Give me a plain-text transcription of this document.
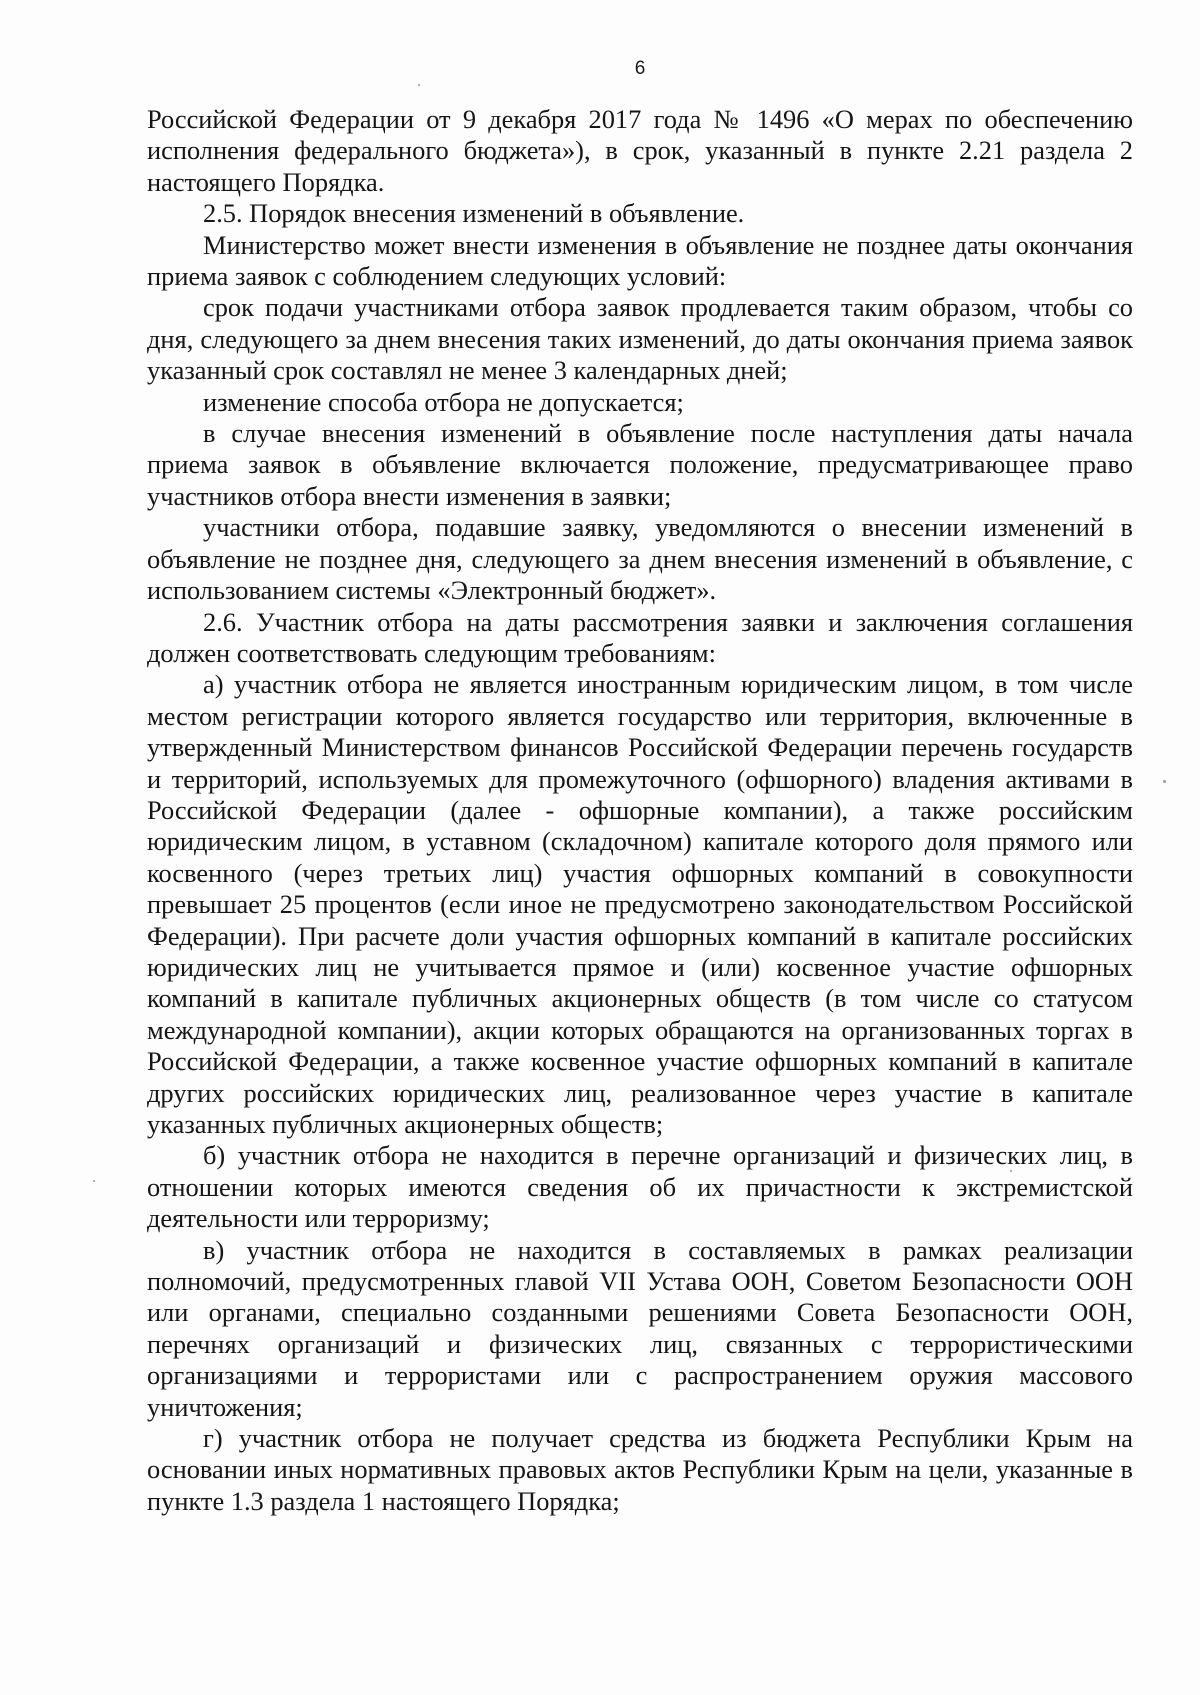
6

Российской Федерации от 9 декабря 2017 года № 1496 «О мерах по обеспечению исполнения федерального бюджета»), в срок, указанный в пункте 2.21 раздела 2 настоящего Порядка.

2.5. Порядок внесения изменений в объявление.

Министерство может внести изменения в объявление не позднее даты окончания приема заявок с соблюдением следующих условий:

срок подачи участниками отбора заявок продлевается таким образом, чтобы со дня, следующего за днем внесения таких изменений, до даты окончания приема заявок указанный срок составлял не менее 3 календарных дней;

изменение способа отбора не допускается;

в случае внесения изменений в объявление после наступления даты начала приема заявок в объявление включается положение, предусматривающее право участников отбора внести изменения в заявки;

участники отбора, подавшие заявку, уведомляются о внесении изменений в объявление не позднее дня, следующего за днем внесения изменений в объявление, с использованием системы «Электронный бюджет».

2.6. Участник отбора на даты рассмотрения заявки и заключения соглашения должен соответствовать следующим требованиям:

а) участник отбора не является иностранным юридическим лицом, в том числе местом регистрации которого является государство или территория, включенные в утвержденный Министерством финансов Российской Федерации перечень государств и территорий, используемых для промежуточного (офшорного) владения активами в Российской Федерации (далее - офшорные компании), а также российским юридическим лицом, в уставном (складочном) капитале которого доля прямого или косвенного (через третьих лиц) участия офшорных компаний в совокупности превышает 25 процентов (если иное не предусмотрено законодательством Российской Федерации). При расчете доли участия офшорных компаний в капитале российских юридических лиц не учитывается прямое и (или) косвенное участие офшорных компаний в капитале публичных акционерных обществ (в том числе со статусом международной компании), акции которых обращаются на организованных торгах в Российской Федерации, а также косвенное участие офшорных компаний в капитале других российских юридических лиц, реализованное через участие в капитале указанных публичных акционерных обществ;

б) участник отбора не находится в перечне организаций и физических лиц, в отношении которых имеются сведения об их причастности к экстремистской деятельности или терроризму;

в) участник отбора не находится в составляемых в рамках реализации полномочий, предусмотренных главой VII Устава ООН, Советом Безопасности ООН или органами, специально созданными решениями Совета Безопасности ООН, перечнях организаций и физических лиц, связанных с террористическими организациями и террористами или с распространением оружия массового уничтожения;

г) участник отбора не получает средства из бюджета Республики Крым на основании иных нормативных правовых актов Республики Крым на цели, указанные в пункте 1.3 раздела 1 настоящего Порядка;
